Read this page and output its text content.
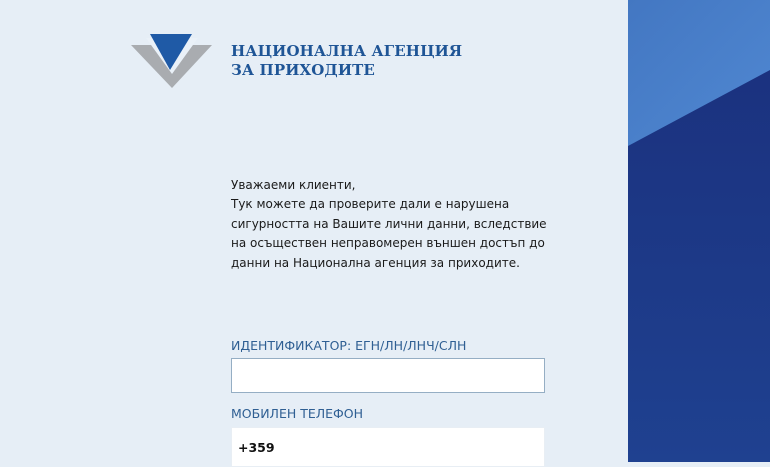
НАЦИОНАЛНА АГЕНЦИЯ
ЗА ПРИХОДИТЕ
Уважаеми клиенти,
Тук можете да проверите дали е нарушена
сигурността на Вашите лични данни, вследствие
на осъществен неправомерен външен достъп до
данни на Национална агенция за приходите.
ИДЕНТИФИКАТОР: ЕГН/ЛН/ЛНЧ/СЛН
МОБИЛЕН ТЕЛЕФОН
+359
